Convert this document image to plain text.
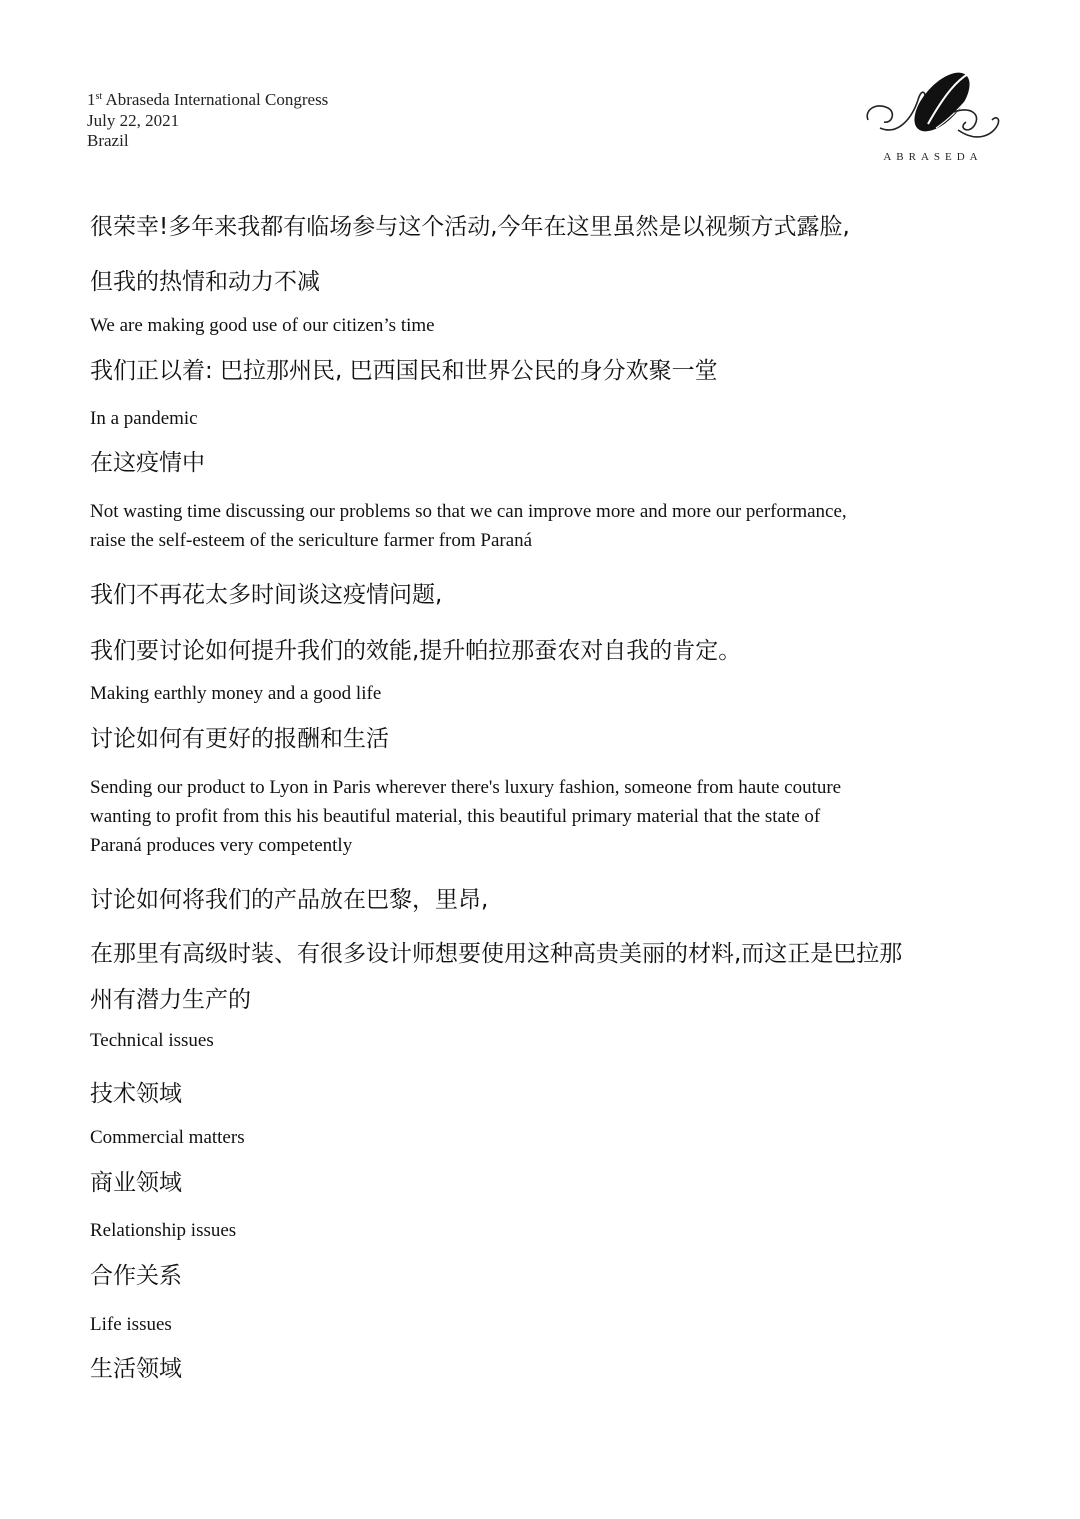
1st Abraseda International Congress
July 22, 2021
Brazil
ABRASEDA
很荣幸!多年来我都有临场参与这个活动,今年在这里虽然是以视频方式露脸,
但我的热情和动力不减
We are making good use of our citizen’s time
我们正以着: 巴拉那州民, 巴西国民和世界公民的身分欢聚一堂
In a pandemic
在这疫情中
Not wasting time discussing our problems so that we can improve more and more our performance,
raise the self-esteem of the sericulture farmer from Paraná
我们不再花太多时间谈这疫情问题,
我们要讨论如何提升我们的效能,提升帕拉那蚕农对自我的肯定。
Making earthly money and a good life
讨论如何有更好的报酬和生活
Sending our product to Lyon in Paris wherever there's luxury fashion, someone from haute couture
wanting to profit from this his beautiful material, this beautiful primary material that the state of
Paraná produces very competently
讨论如何将我们的产品放在巴黎，里昂,
在那里有高级时装、有很多设计师想要使用这种高贵美丽的材料,而这正是巴拉那
州有潜力生产的
Technical issues
技术领域
Commercial matters
商业领域
Relationship issues
合作关系
Life issues
生活领域
